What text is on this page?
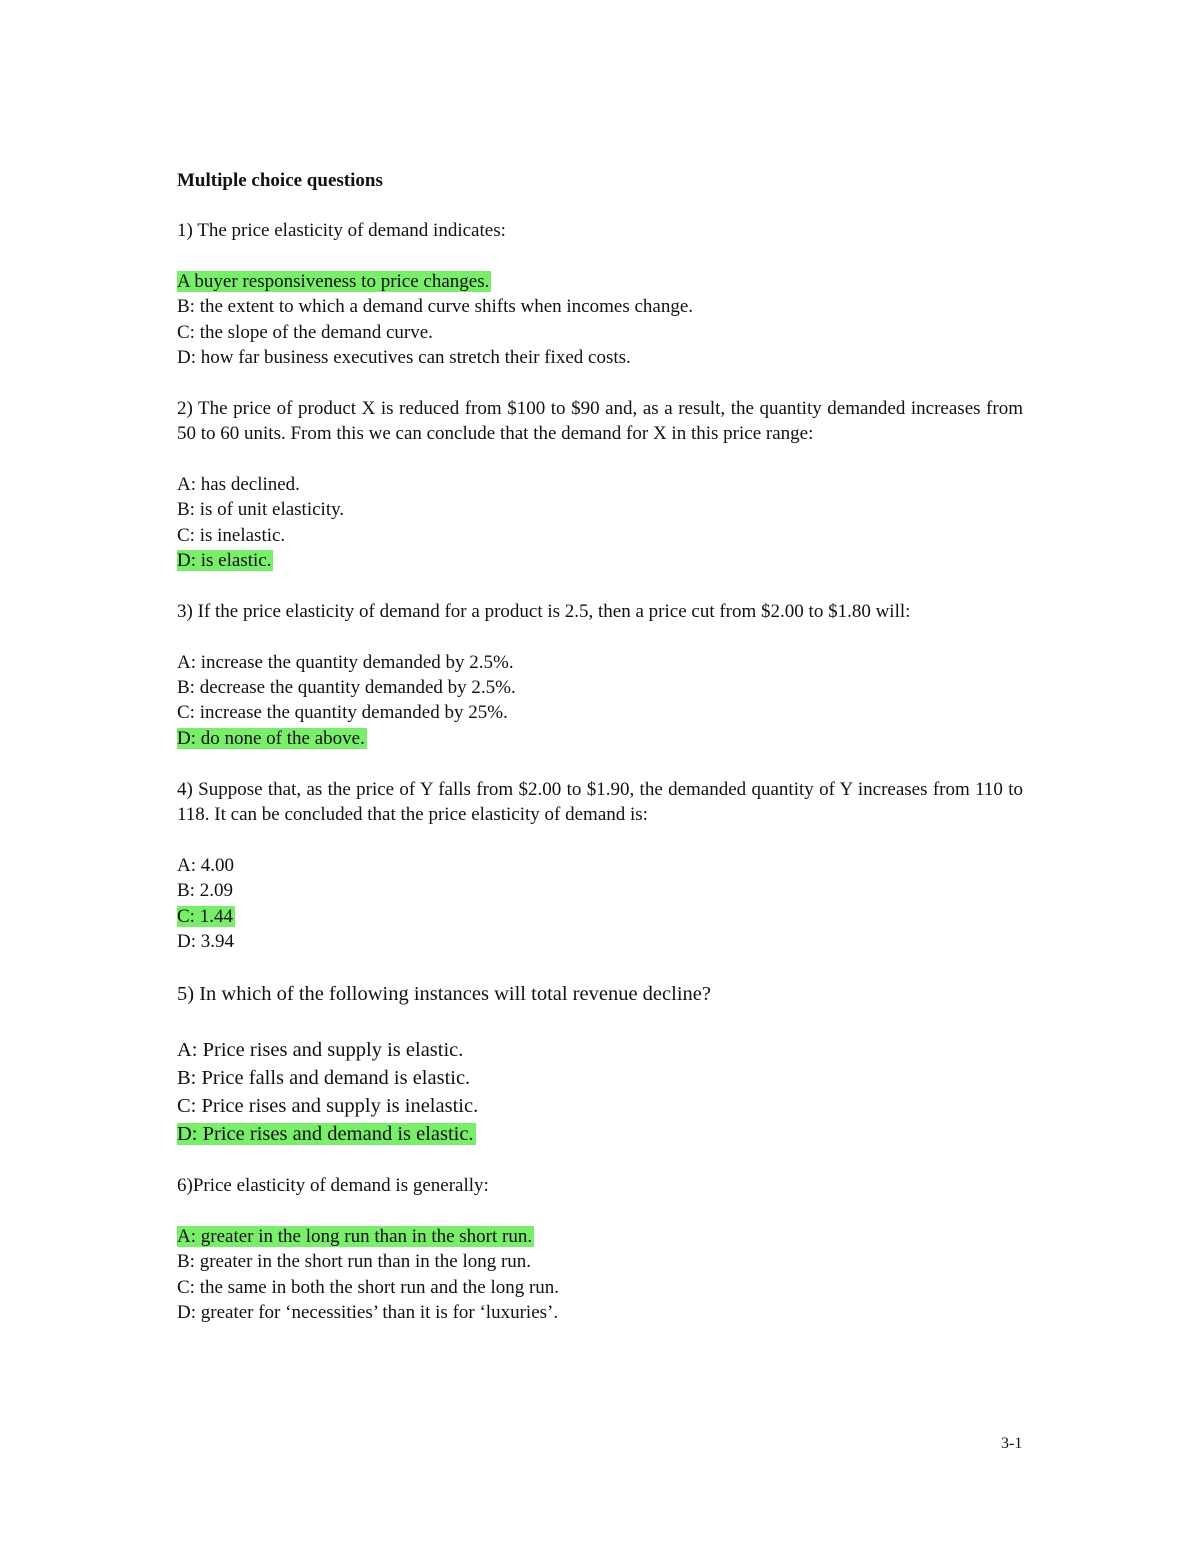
Multiple choice questions

1) The price elasticity of demand indicates:

A buyer responsiveness to price changes.
B: the extent to which a demand curve shifts when incomes change.
C: the slope of the demand curve.
D: how far business executives can stretch their fixed costs.

2) The price of product X is reduced from $100 to $90 and, as a result, the quantity demanded increases from 50 to 60 units. From this we can conclude that the demand for X in this price range:

A: has declined.
B: is of unit elasticity.
C: is inelastic.
D: is elastic.

3) If the price elasticity of demand for a product is 2.5, then a price cut from $2.00 to $1.80 will:

A: increase the quantity demanded by 2.5%.
B: decrease the quantity demanded by 2.5%.
C: increase the quantity demanded by 25%.
D: do none of the above.

4) Suppose that, as the price of Y falls from $2.00 to $1.90, the demanded quantity of Y increases from 110 to 118. It can be concluded that the price elasticity of demand is:

A: 4.00
B: 2.09
C: 1.44
D: 3.94

5) In which of the following instances will total revenue decline?

A: Price rises and supply is elastic.
B: Price falls and demand is elastic.
C: Price rises and supply is inelastic.
D: Price rises and demand is elastic.

6)Price elasticity of demand is generally:

A: greater in the long run than in the short run.
B: greater in the short run than in the long run.
C: the same in both the short run and the long run.
D: greater for ‘necessities’ than it is for ‘luxuries’.
3-1
